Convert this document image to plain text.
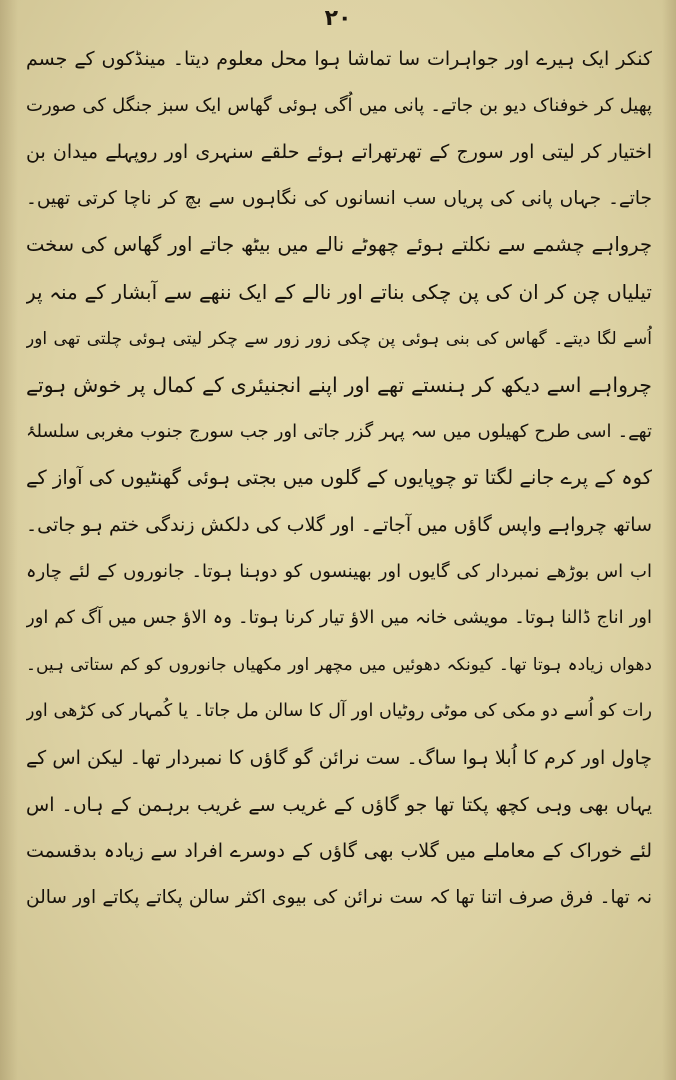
۲۰
کنکر ایک ہیرے اور جواہرات سا تماشا ہوا محل معلوم دیتا۔ مینڈکوں کے جسم
پھیل کر خوفناک دیو بن جاتے۔ پانی میں اُگی ہوئی گھاس ایک سبز جنگل کی صورت
اختیار کر لیتی اور سورج کے تھرتھراتے ہوئے حلقے سنہری اور روپہلے میدان بن
جاتے۔ جہاں پانی کی پریاں سب انسانوں کی نگاہوں سے بچ کر ناچا کرتی تھیں۔
چرواہے چشمے سے نکلتے ہوئے چھوٹے نالے میں بیٹھ جاتے اور گھاس کی سخت
تیلیاں چن کر ان کی پن چکی بناتے اور نالے کے ایک ننھے سے آبشار کے منہ پر
اُسے لگا دیتے۔ گھاس کی بنی ہوئی پن چکی زور زور سے چکر لیتی ہوئی چلتی تھی اور
چرواہے اسے دیکھ کر ہنستے تھے اور اپنے انجنیئری کے کمال پر خوش ہوتے
تھے۔ اسی طرح کھیلوں میں سہ پہر گزر جاتی اور جب سورج جنوب مغربی سلسلۂ
کوہ کے پرے جانے لگتا تو چوپایوں کے گلوں میں بجتی ہوئی گھنٹیوں کی آواز کے
ساتھ چرواہے واپس گاؤں میں آجاتے۔ اور گلاب کی دلکش زندگی ختم ہو جاتی۔
اب اس بوڑھے نمبردار کی گایوں اور بھینسوں کو دوہنا ہوتا۔ جانوروں کے لئے چارہ
اور اناج ڈالنا ہوتا۔ مویشی خانہ میں الاؤ تیار کرنا ہوتا۔ وہ الاؤ جس میں آگ کم اور
دھواں زیادہ ہوتا تھا۔ کیونکہ دھوئیں میں مچھر اور مکھیاں جانوروں کو کم ستاتی ہیں۔
رات کو اُسے دو مکی کی موٹی روٹیاں اور آل کا سالن مل جاتا۔ یا کُمہار کی کڑھی اور
چاول اور کرم کا اُبلا ہوا ساگ۔ ست نرائن گو گاؤں کا نمبردار تھا۔ لیکن اس کے
یہاں بھی وہی کچھ پکتا تھا جو گاؤں کے غریب سے غریب برہمن کے ہاں۔ اس
لئے خوراک کے معاملے میں گلاب بھی گاؤں کے دوسرے افراد سے زیادہ بدقسمت
نہ تھا۔ فرق صرف اتنا تھا کہ ست نرائن کی بیوی اکثر سالن پکاتے پکاتے اور سالن
